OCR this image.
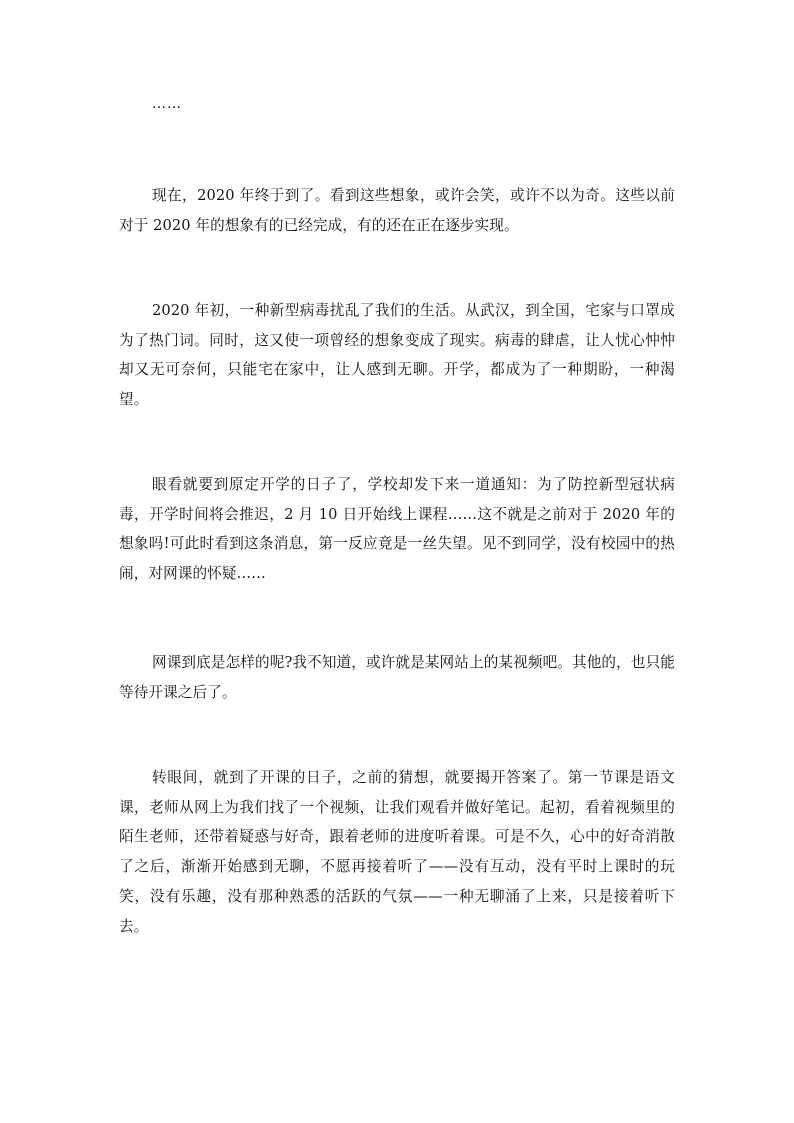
……

现在，2020 年终于到了。看到这些想象，或许会笑，或许不以为奇。这些以前对于 2020 年的想象有的已经完成，有的还在正在逐步实现。

2020 年初，一种新型病毒扰乱了我们的生活。从武汉，到全国，宅家与口罩成为了热门词。同时，这又使一项曾经的想象变成了现实。病毒的肆虐，让人忧心忡忡却又无可奈何，只能宅在家中，让人感到无聊。开学，都成为了一种期盼，一种渴望。

眼看就要到原定开学的日子了，学校却发下来一道通知：为了防控新型冠状病毒，开学时间将会推迟，2 月 10 日开始线上课程……这不就是之前对于 2020 年的想象吗!可此时看到这条消息，第一反应竟是一丝失望。见不到同学，没有校园中的热闹，对网课的怀疑……

网课到底是怎样的呢?我不知道，或许就是某网站上的某视频吧。其他的，也只能等待开课之后了。

转眼间，就到了开课的日子，之前的猜想，就要揭开答案了。第一节课是语文课，老师从网上为我们找了一个视频，让我们观看并做好笔记。起初，看着视频里的陌生老师，还带着疑惑与好奇，跟着老师的进度听着课。可是不久，心中的好奇消散了之后，渐渐开始感到无聊，不愿再接着听了——没有互动，没有平时上课时的玩笑，没有乐趣，没有那种熟悉的活跃的气氛——一种无聊涌了上来，只是接着听下去。
